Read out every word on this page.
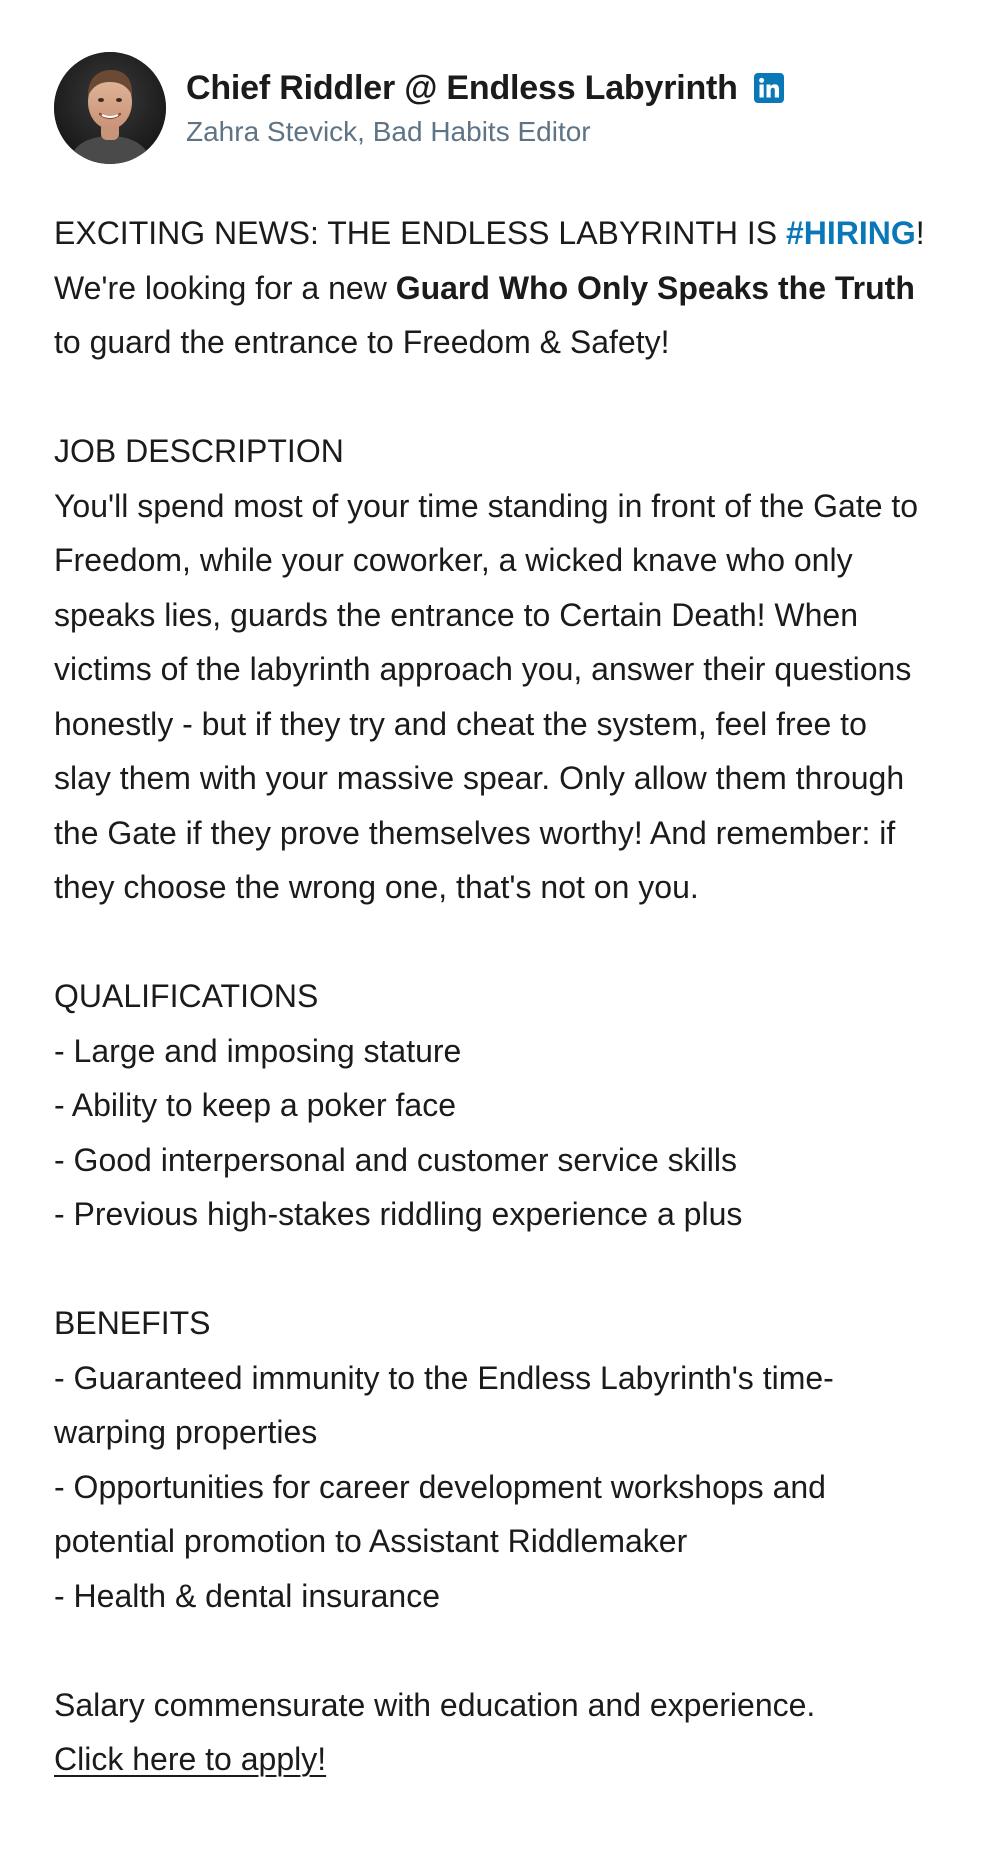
Chief Riddler @ Endless Labyrinth
Zahra Stevick, Bad Habits Editor

EXCITING NEWS: THE ENDLESS LABYRINTH IS #HIRING!

We're looking for a new Guard Who Only Speaks the Truth to guard the entrance to Freedom & Safety!

JOB DESCRIPTION

You'll spend most of your time standing in front of the Gate to Freedom, while your coworker, a wicked knave who only speaks lies, guards the entrance to Certain Death! When victims of the labyrinth approach you, answer their questions honestly - but if they try and cheat the system, feel free to slay them with your massive spear. Only allow them through the Gate if they prove themselves worthy! And remember: if they choose the wrong one, that's not on you.

QUALIFICATIONS

- Large and imposing stature

- Ability to keep a poker face

- Good interpersonal and customer service skills

- Previous high-stakes riddling experience a plus

BENEFITS

- Guaranteed immunity to the Endless Labyrinth's time-warping properties

- Opportunities for career development workshops and potential promotion to Assistant Riddlemaker

- Health & dental insurance

Salary commensurate with education and experience.

Click here to apply!
